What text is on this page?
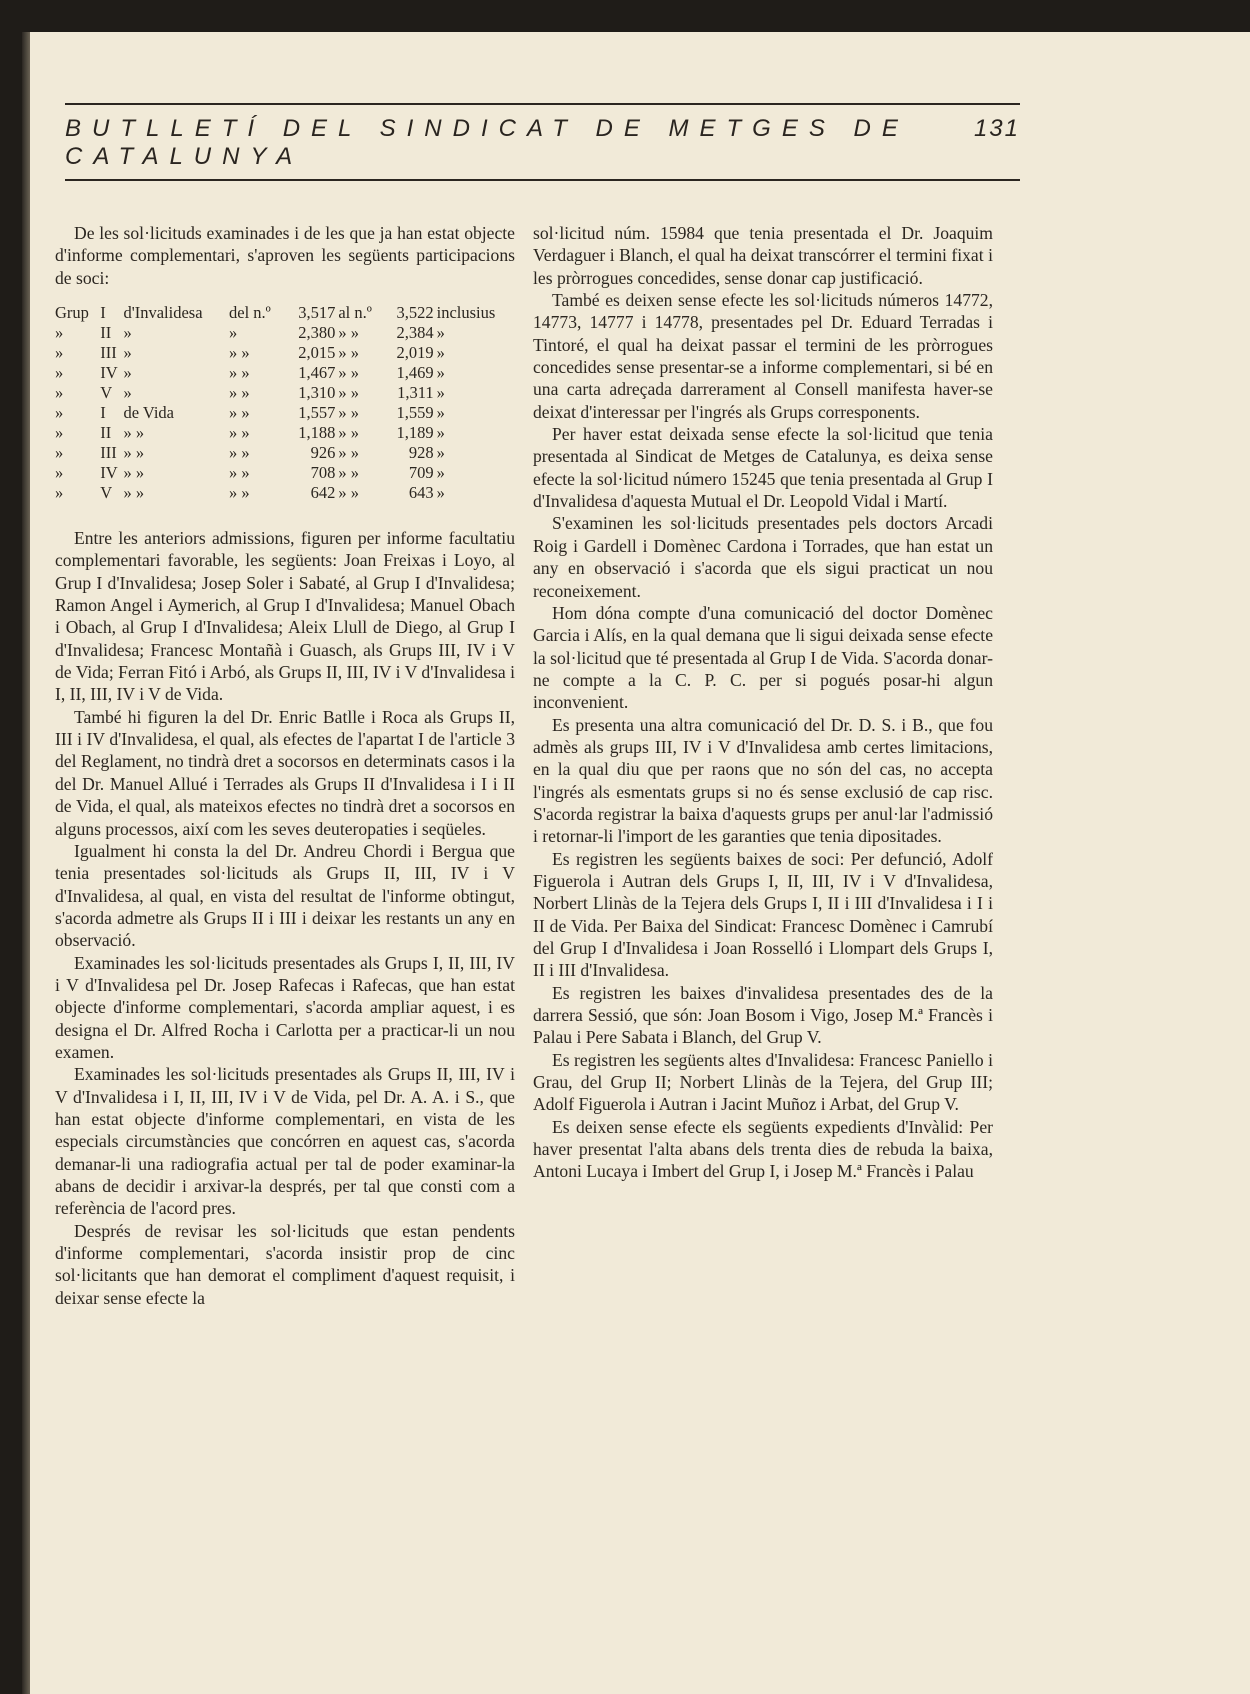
BUTLLETÍ DEL SINDICAT DE METGES DE CATALUNYA
131

De les sol·licituds examinades i de les que ja han estat objecte d'informe complementari, s'aproven les següents participacions de soci:

Grup	I	d'Invalidesa	del n.º	3,517	al n.º	3,522	inclusius
»	II	»	»	2,380	» »	2,384	»
»	III	»	» »	2,015	» »	2,019	»
»	IV	»	» »	1,467	» »	1,469	»
»	V	»	» »	1,310	» »	1,311	»
»	I	de Vida	» »	1,557	» »	1,559	»
»	II	» »	» »	1,188	» »	1,189	»
»	III	» »	» »	926	» »	928	»
»	IV	» »	» »	708	» »	709	»
»	V	» »	» »	642	» »	643	»

Entre les anteriors admissions, figuren per informe facultatiu complementari favorable, les següents: Joan Freixas i Loyo, al Grup I d'Invalidesa; Josep Soler i Sabaté, al Grup I d'Invalidesa; Ramon Angel i Aymerich, al Grup I d'Invalidesa; Manuel Obach i Obach, al Grup I d'Invalidesa; Aleix Llull de Diego, al Grup I d'Invalidesa; Francesc Montañà i Guasch, als Grups III, IV i V de Vida; Ferran Fitó i Arbó, als Grups II, III, IV i V d'Invalidesa i I, II, III, IV i V de Vida.

També hi figuren la del Dr. Enric Batlle i Roca als Grups II, III i IV d'Invalidesa, el qual, als efectes de l'apartat I de l'article 3 del Reglament, no tindrà dret a socorsos en determinats casos i la del Dr. Manuel Allué i Terrades als Grups II d'Invalidesa i I i II de Vida, el qual, als mateixos efectes no tindrà dret a socorsos en alguns processos, així com les seves deuteropaties i seqüeles.

Igualment hi consta la del Dr. Andreu Chordi i Bergua que tenia presentades sol·licituds als Grups II, III, IV i V d'Invalidesa, al qual, en vista del resultat de l'informe obtingut, s'acorda admetre als Grups II i III i deixar les restants un any en observació.

Examinades les sol·licituds presentades als Grups I, II, III, IV i V d'Invalidesa pel Dr. Josep Rafecas i Rafecas, que han estat objecte d'informe complementari, s'acorda ampliar aquest, i es designa el Dr. Alfred Rocha i Carlotta per a practicar-li un nou examen.

Examinades les sol·licituds presentades als Grups II, III, IV i V d'Invalidesa i I, II, III, IV i V de Vida, pel Dr. A. A. i S., que han estat objecte d'informe complementari, en vista de les especials circumstàncies que concórren en aquest cas, s'acorda demanar-li una radiografia actual per tal de poder examinar-la abans de decidir i arxivar-la després, per tal que consti com a referència de l'acord pres.

Després de revisar les sol·licituds que estan pendents d'informe complementari, s'acorda insistir prop de cinc sol·licitants que han demorat el compliment d'aquest requisit, i deixar sense efecte la

sol·licitud núm. 15984 que tenia presentada el Dr. Joaquim Verdaguer i Blanch, el qual ha deixat transcórrer el termini fixat i les pròrrogues concedides, sense donar cap justificació.

També es deixen sense efecte les sol·licituds números 14772, 14773, 14777 i 14778, presentades pel Dr. Eduard Terradas i Tintoré, el qual ha deixat passar el termini de les pròrrogues concedides sense presentar-se a informe complementari, si bé en una carta adreçada darrerament al Consell manifesta haver-se deixat d'interessar per l'ingrés als Grups corresponents.

Per haver estat deixada sense efecte la sol·licitud que tenia presentada al Sindicat de Metges de Catalunya, es deixa sense efecte la sol·licitud número 15245 que tenia presentada al Grup I d'Invalidesa d'aquesta Mutual el Dr. Leopold Vidal i Martí.

S'examinen les sol·licituds presentades pels doctors Arcadi Roig i Gardell i Domènec Cardona i Torrades, que han estat un any en observació i s'acorda que els sigui practicat un nou reconeixement.

Hom dóna compte d'una comunicació del doctor Domènec Garcia i Alís, en la qual demana que li sigui deixada sense efecte la sol·licitud que té presentada al Grup I de Vida. S'acorda donar-ne compte a la C. P. C. per si pogués posar-hi algun inconvenient.

Es presenta una altra comunicació del Dr. D. S. i B., que fou admès als grups III, IV i V d'Invalidesa amb certes limitacions, en la qual diu que per raons que no són del cas, no accepta l'ingrés als esmentats grups si no és sense exclusió de cap risc. S'acorda registrar la baixa d'aquests grups per anul·lar l'admissió i retornar-li l'import de les garanties que tenia dipositades.

Es registren les següents baixes de soci: Per defunció, Adolf Figuerola i Autran dels Grups I, II, III, IV i V d'Invalidesa, Norbert Llinàs de la Tejera dels Grups I, II i III d'Invalidesa i I i II de Vida. Per Baixa del Sindicat: Francesc Domènec i Camrubí del Grup I d'Invalidesa i Joan Rosselló i Llompart dels Grups I, II i III d'Invalidesa.

Es registren les baixes d'invalidesa presentades des de la darrera Sessió, que són: Joan Bosom i Vigo, Josep M.ª Francès i Palau i Pere Sabata i Blanch, del Grup V.

Es registren les següents altes d'Invalidesa: Francesc Paniello i Grau, del Grup II; Norbert Llinàs de la Tejera, del Grup III; Adolf Figuerola i Autran i Jacint Muñoz i Arbat, del Grup V.

Es deixen sense efecte els següents expedients d'Invàlid: Per haver presentat l'alta abans dels trenta dies de rebuda la baixa, Antoni Lucaya i Imbert del Grup I, i Josep M.ª Francès i Palau
